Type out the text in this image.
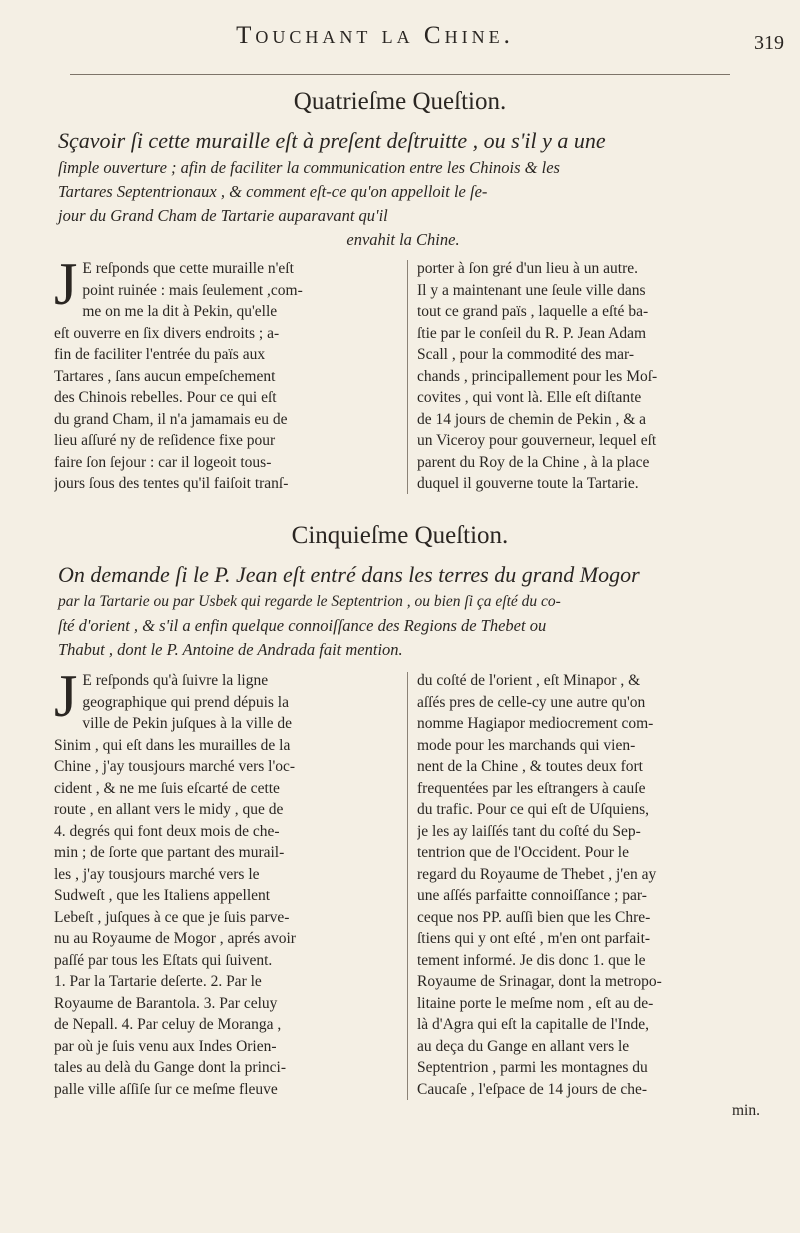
Touchant la Chine.	319
Quatrieſme Queſtion.
Sçavoir ſi cette muraille eſt à preſent deſtruitte , ou s'il y a une
ſimple ouverture ; afin de faciliter la communication entre les Chinois & les
Tartares Septentrionaux , & comment eſt-ce qu'on appelloit le ſe-
jour du Grand Cham de Tartarie auparavant qu'il
envahit la Chine.
J E reſponds que cette muraille n'eſt
point ruinée : mais ſeulement ,com-
me on me la dit à Pekin, qu'elle
eſt ouverre en ſix divers endroits ; a-
fin de faciliter l'entrée du païs aux
Tartares , ſans aucun empeſchement
des Chinois rebelles. Pour ce qui eſt
du grand Cham, il n'a jamamais eu de
lieu aſſuré ny de reſidence fixe pour
faire ſon ſejour : car il logeoit tous-
jours ſous des tentes qu'il faiſoit tranſ-
porter à ſon gré d'un lieu à un autre.
Il y a maintenant une ſeule ville dans
tout ce grand païs , laquelle a eſté ba-
ſtie par le conſeil du R. P. Jean Adam
Scall , pour la commodité des mar-
chands , principallement pour les Moſ-
covites , qui vont là. Elle eſt diſtante
de 14 jours de chemin de Pekin , & a
un Viceroy pour gouverneur, lequel eſt
parent du Roy de la Chine , à la place
duquel il gouverne toute la Tartarie.
Cinquieſme Queſtion.
On demande ſi le P. Jean eſt entré dans les terres du grand Mogor
par la Tartarie ou par Usbek qui regarde le Septentrion , ou bien ſi ça eſté du co-
ſté d'orient , & s'il a enfin quelque connoiſſance des Regions de Thebet ou
Thabut , dont le P. Antoine de Andrada fait mention.
J E reſponds qu'à ſuivre la ligne
geographique qui prend dépuis la
ville de Pekin juſques à la ville de
Sinim , qui eſt dans les murailles de la
Chine , j'ay tousjours marché vers l'oc-
cident , & ne me ſuis eſcarté de cette
route , en allant vers le midy , que de
4. degrés qui font deux mois de che-
min ; de ſorte que partant des murail-
les , j'ay tousjours marché vers le
Sudweſt , que les Italiens appellent
Lebeſt , juſques à ce que je ſuis parve-
nu au Royaume de Mogor , aprés avoir
paſſé par tous les Eſtats qui ſuivent.
1. Par la Tartarie deſerte. 2. Par le
Royaume de Barantola. 3. Par celuy
de Nepall. 4. Par celuy de Moranga ,
par où je ſuis venu aux Indes Orien-
tales au delà du Gange dont la princi-
palle ville aſſiſe ſur ce meſme fleuve
du coſté de l'orient , eſt Minapor , &
aſſés pres de celle-cy une autre qu'on
nomme Hagiapor mediocrement com-
mode pour les marchands qui vien-
nent de la Chine , & toutes deux fort
frequentées par les eſtrangers à cauſe
du trafic. Pour ce qui eſt de Uſquiens,
je les ay laiſſés tant du coſté du Sep-
tentrion que de l'Occident. Pour le
regard du Royaume de Thebet , j'en ay
une aſſés parfaitte connoiſſance ; par-
ceque nos PP. auſſi bien que les Chre-
ſtiens qui y ont eſté , m'en ont parfait-
tement informé. Je dis donc 1. que le
Royaume de Srinagar, dont la metropo-
litaine porte le meſme nom , eſt au de-
là d'Agra qui eſt la capitalle de l'Inde,
au deça du Gange en allant vers le
Septentrion , parmi les montagnes du
Caucaſe , l'eſpace de 14 jours de che-
min.
